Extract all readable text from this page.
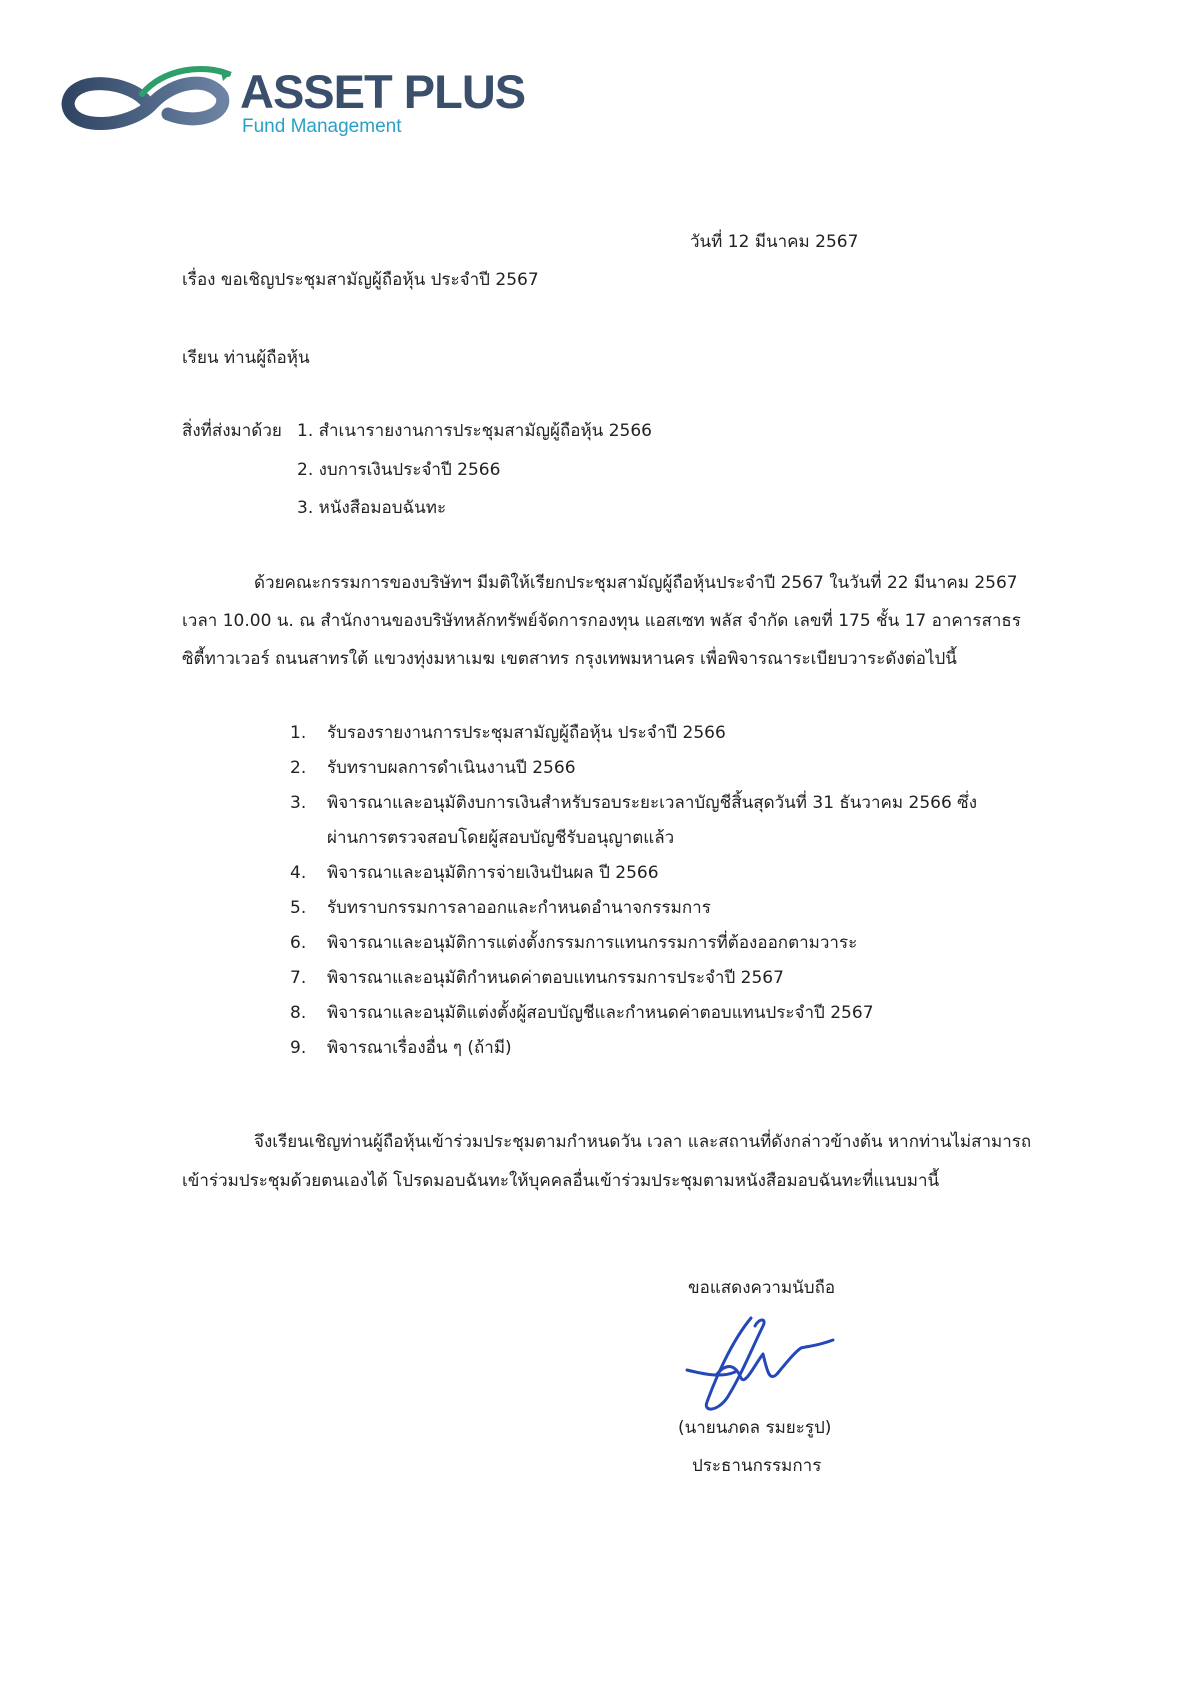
ASSET PLUS
Fund Management
วันที่ 12 มีนาคม 2567
เรื่อง ขอเชิญประชุมสามัญผู้ถือหุ้น ประจำปี 2567
เรียน ท่านผู้ถือหุ้น
สิ่งที่ส่งมาด้วย 1. สำเนารายงานการประชุมสามัญผู้ถือหุ้น 2566
2. งบการเงินประจำปี 2566
3. หนังสือมอบฉันทะ
ด้วยคณะกรรมการของบริษัทฯ มีมติให้เรียกประชุมสามัญผู้ถือหุ้นประจำปี 2567 ในวันที่ 22 มีนาคม 2567
เวลา 10.00 น. ณ สำนักงานของบริษัทหลักทรัพย์จัดการกองทุน แอสเซท พลัส จำกัด เลขที่ 175 ชั้น 17 อาคารสาธร
ซิตี้ทาวเวอร์ ถนนสาทรใต้ แขวงทุ่งมหาเมฆ เขตสาทร กรุงเทพมหานคร เพื่อพิจารณาระเบียบวาระดังต่อไปนี้
1. รับรองรายงานการประชุมสามัญผู้ถือหุ้น ประจำปี 2566
2. รับทราบผลการดำเนินงานปี 2566
3. พิจารณาและอนุมัติงบการเงินสำหรับรอบระยะเวลาบัญชีสิ้นสุดวันที่ 31 ธันวาคม 2566 ซึ่ง
ผ่านการตรวจสอบโดยผู้สอบบัญชีรับอนุญาตแล้ว
4. พิจารณาและอนุมัติการจ่ายเงินปันผล ปี 2566
5. รับทราบกรรมการลาออกและกำหนดอำนาจกรรมการ
6. พิจารณาและอนุมัติการแต่งตั้งกรรมการแทนกรรมการที่ต้องออกตามวาระ
7. พิจารณาและอนุมัติกำหนดค่าตอบแทนกรรมการประจำปี 2567
8. พิจารณาและอนุมัติแต่งตั้งผู้สอบบัญชีและกำหนดค่าตอบแทนประจำปี 2567
9. พิจารณาเรื่องอื่น ๆ (ถ้ามี)
จึงเรียนเชิญท่านผู้ถือหุ้นเข้าร่วมประชุมตามกำหนดวัน เวลา และสถานที่ดังกล่าวข้างต้น หากท่านไม่สามารถ
เข้าร่วมประชุมด้วยตนเองได้ โปรดมอบฉันทะให้บุคคลอื่นเข้าร่วมประชุมตามหนังสือมอบฉันทะที่แนบมานี้
ขอแสดงความนับถือ
(นายนภดล รมยะรูป)
ประธานกรรมการ
